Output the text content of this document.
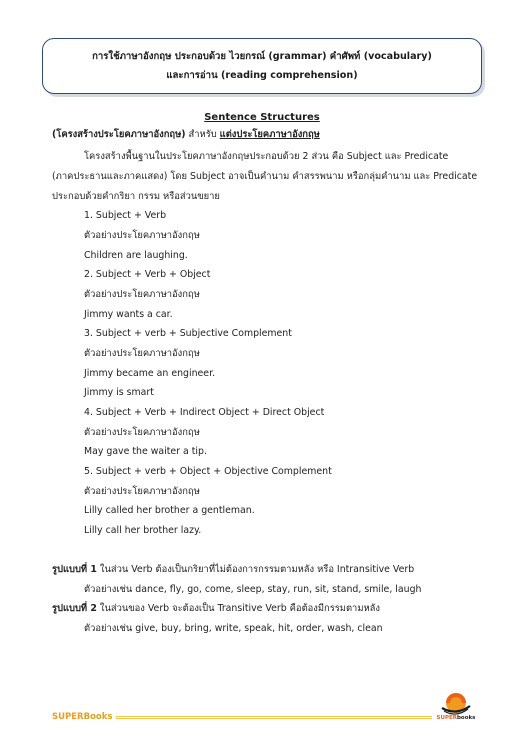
การใช้ภาษาอังกฤษ ประกอบด้วย ไวยกรณ์ (grammar) คำศัพท์ (vocabulary)
และการอ่าน (reading comprehension)
Sentence Structures
(โครงสร้างประโยคภาษาอังกฤษ) สำหรับ แต่งประโยคภาษาอังกฤษ
โครงสร้างพื้นฐานในประโยคภาษาอังกฤษประกอบด้วย 2 ส่วน คือ Subject และ Predicate
(ภาคประธานและภาคแสดง) โดย Subject อาจเป็นคำนาม คำสรรพนาม หรือกลุ่มคำนาม และ Predicate
ประกอบด้วยคำกริยา กรรม หรือส่วนขยาย
1. Subject + Verb
ตัวอย่างประโยคภาษาอังกฤษ
Children are laughing.
2. Subject + Verb + Object
ตัวอย่างประโยคภาษาอังกฤษ
Jimmy wants a car.
3. Subject + verb + Subjective Complement
ตัวอย่างประโยคภาษาอังกฤษ
Jimmy became an engineer.
Jimmy is smart
4. Subject + Verb + Indirect Object + Direct Object
ตัวอย่างประโยคภาษาอังกฤษ
May gave the waiter a tip.
5. Subject + verb + Object + Objective Complement
ตัวอย่างประโยคภาษาอังกฤษ
Lilly called her brother a gentleman.
Lilly call her brother lazy.
รูปแบบที่ 1 ในส่วน Verb ต้องเป็นกริยาที่ไม่ต้องการกรรมตามหลัง หรือ Intransitive Verb
ตัวอย่างเช่น dance, fly, go, come, sleep, stay, run, sit, stand, smile, laugh
รูปแบบที่ 2 ในส่วนของ Verb จะต้องเป็น Transitive Verb คือต้องมีกรรมตามหลัง
ตัวอย่างเช่น give, buy, bring, write, speak, hit, order, wash, clean
SUPERBooks	SUPERbooks
